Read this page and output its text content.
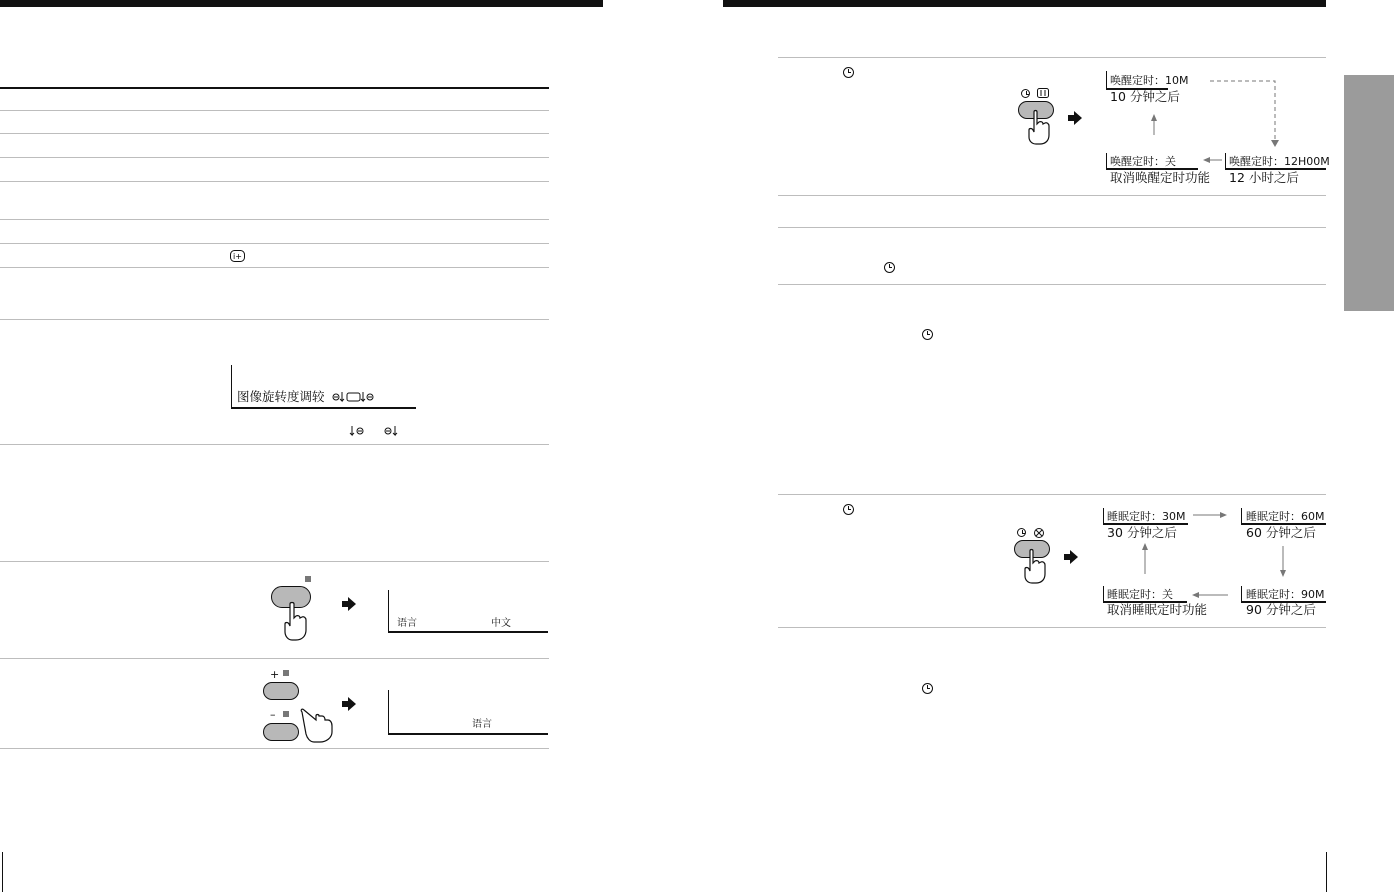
i+
图像旋转度调较
语言	中文
+
–
语言
唤醒定时：10M
10 分钟之后
唤醒定时：关
取消唤醒定时功能
唤醒定时：12H00M
12 小时之后
睡眠定时：30M
30 分钟之后
睡眠定时：60M
60 分钟之后
睡眠定时：关
取消睡眠定时功能
睡眠定时：90M
90 分钟之后
